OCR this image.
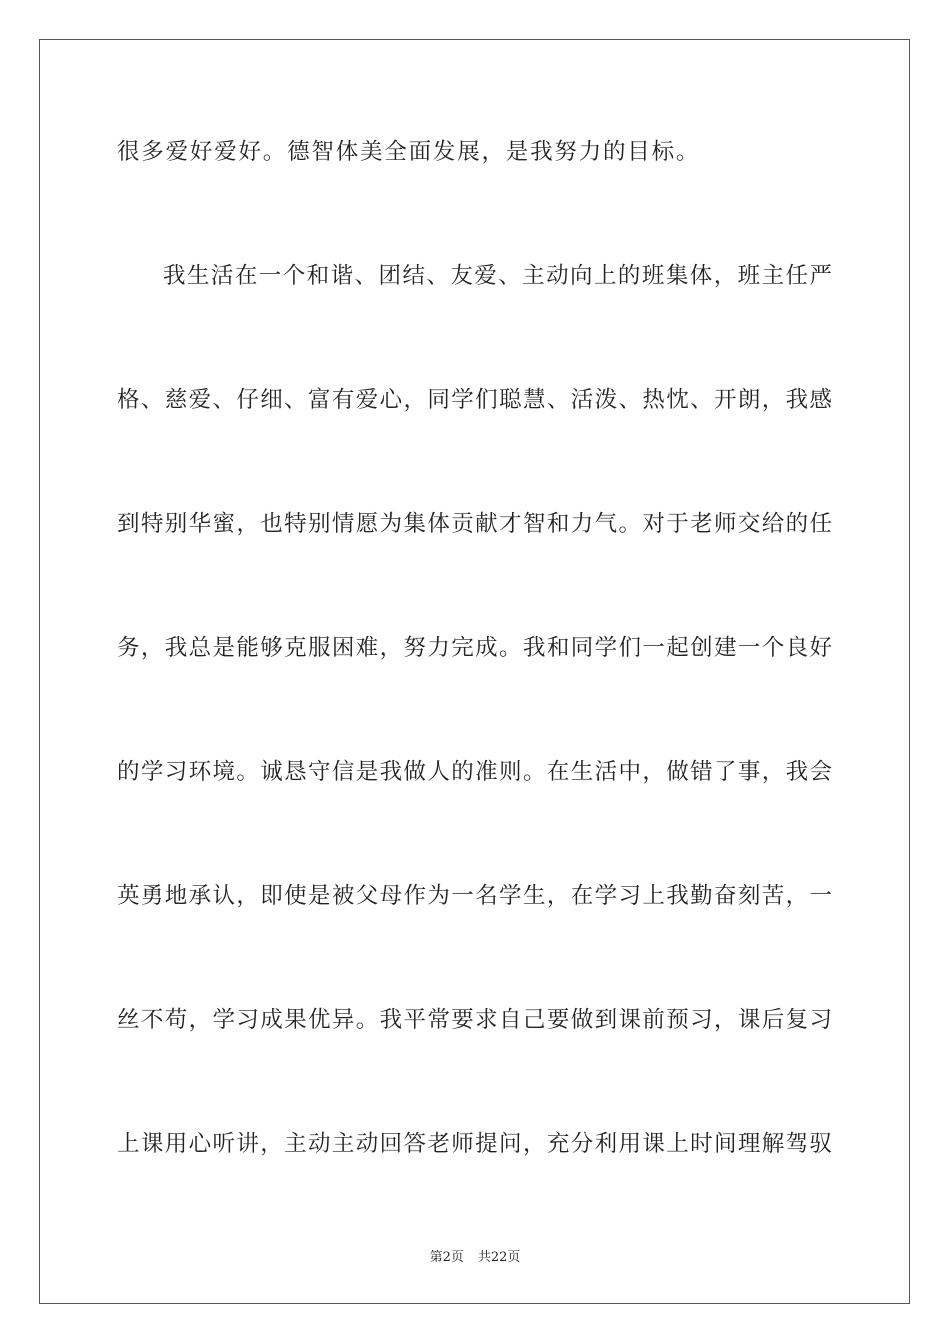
很多爱好爱好。德智体美全面发展，是我努力的目标。
我生活在一个和谐、团结、友爱、主动向上的班集体，班主任严
格、慈爱、仔细、富有爱心，同学们聪慧、活泼、热忱、开朗，我感
到特别华蜜，也特别情愿为集体贡献才智和力气。对于老师交给的任
务，我总是能够克服困难，努力完成。我和同学们一起创建一个良好
的学习环境。诚恳守信是我做人的准则。在生活中，做错了事，我会
英勇地承认，即使是被父母作为一名学生，在学习上我勤奋刻苦，一
丝不苟，学习成果优异。我平常要求自己要做到课前预习，课后复习
上课用心听讲，主动主动回答老师提问，充分利用课上时间理解驾驭
第2页 共22页
